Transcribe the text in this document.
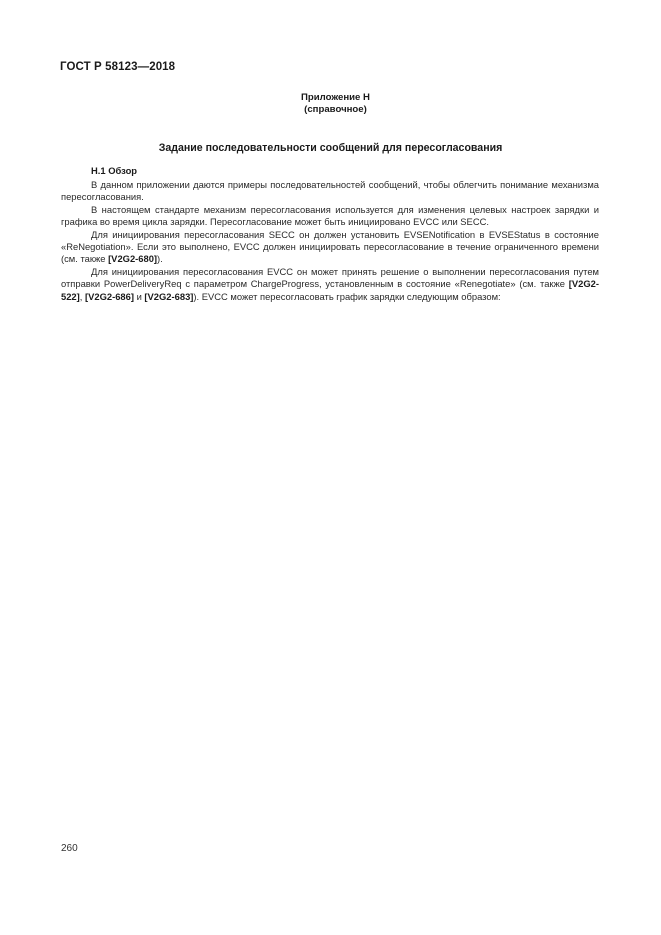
ГОСТ Р 58123—2018
Приложение Н
(справочное)
Задание последовательности сообщений для пересогласования
Н.1 Обзор

В данном приложении даются примеры последовательностей сообщений, чтобы облегчить понимание механизма пересогласования.

В настоящем стандарте механизм пересогласования используется для изменения целевых настроек зарядки и графика во время цикла зарядки. Пересогласование может быть инициировано EVCC или SECC.

Для инициирования пересогласования SECC он должен установить EVSENotification в EVSEStatus в состояние «ReNegotiation». Если это выполнено, EVCC должен инициировать пересогласование в течение ограниченного времени (см. также [V2G2-680]).

Для инициирования пересогласования EVCC он может принять решение о выполнении пересогласования путем отправки PowerDeliveryReq с параметром ChargeProgress, установленным в состояние «Renegotiate» (см. также [V2G2-522], [V2G2-686] и [V2G2-683]). EVCC может пересогласовать график зарядки следующим образом:

260
